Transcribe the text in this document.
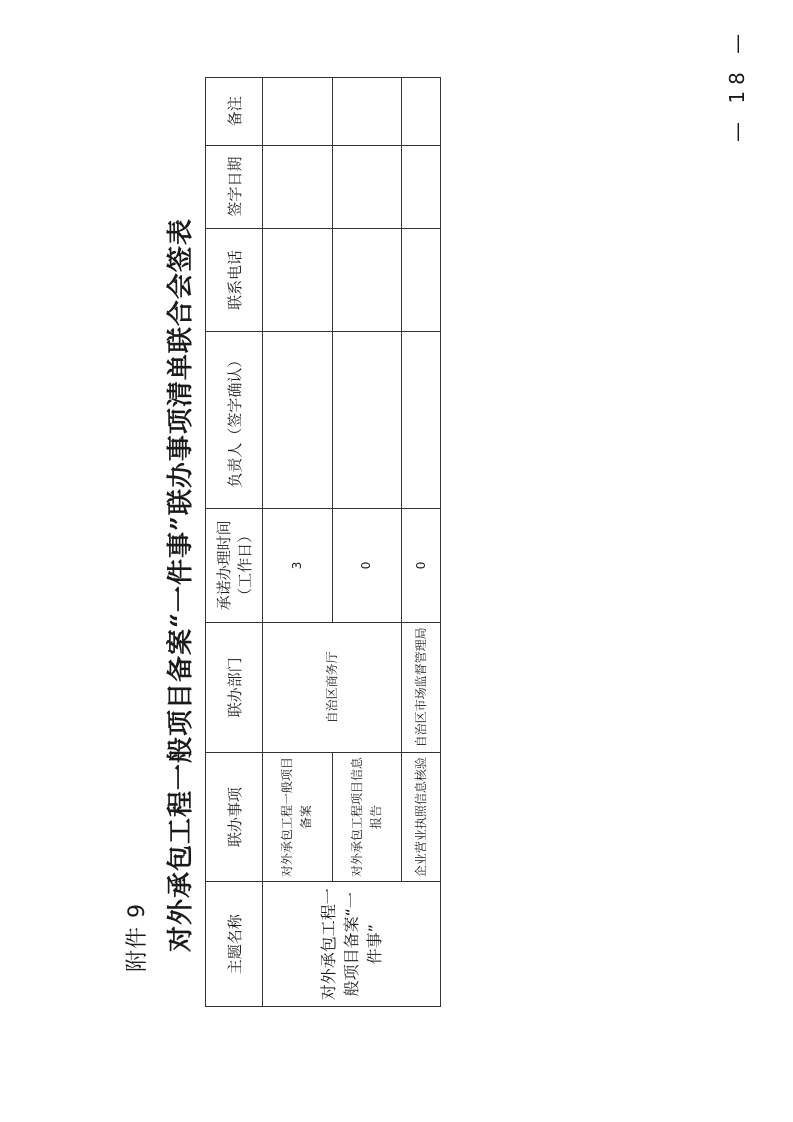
附件 9 对外承包工程一般项目备案“一件事”联办事项清单联合会签表 主题名称	联办事项	联办部门	承诺办理时间（工作日）	负责人（签字确认）	联系电话	签字日期	备注
对外承包工程一般项目备案“一件事”	对外承包工程一般项目备案	自治区商务厅	3				
	对外承包工程项目信息报告		0				
	企业营业执照信息核验	自治区市场监督管理局	0				
— 18 —
